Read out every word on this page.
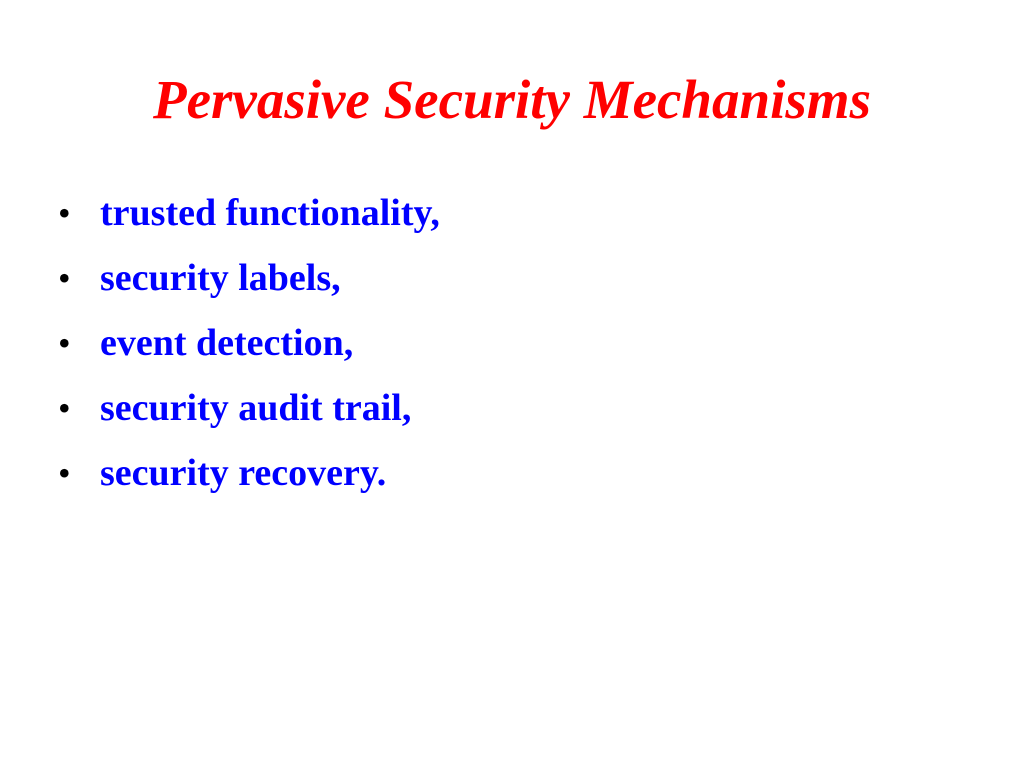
Pervasive Security Mechanisms
• trusted functionality,
• security labels,
• event detection,
• security audit trail,
• security recovery.
